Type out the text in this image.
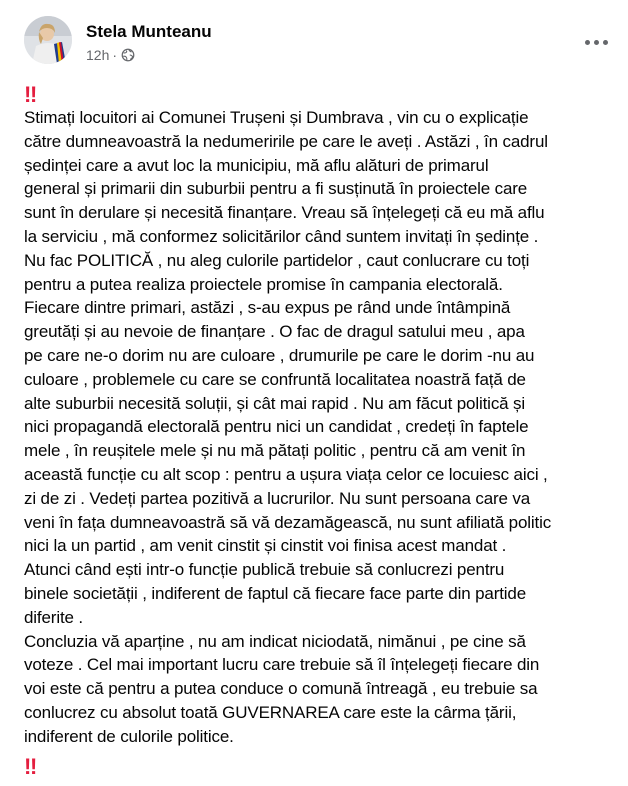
Stela Munteanu
12h ·
‼
Stimați locuitori ai Comunei Trușeni și Dumbrava , vin cu o explicație
către dumneavoastră la nedumeririle pe care le aveți . Astăzi , în cadrul
ședinței care a avut loc la municipiu, mă aflu alături de primarul
general și primarii din suburbii pentru a fi susținută în proiectele care
sunt în derulare și necesită finanțare. Vreau să înțelegeți că eu mă aflu
la serviciu , mă conformez solicitărilor când suntem invitați în ședințe .
Nu fac POLITICĂ , nu aleg culorile partidelor , caut conlucrare cu toți
pentru a putea realiza proiectele promise în campania electorală.
Fiecare dintre primari, astăzi , s-au expus pe rând unde întâmpină
greutăți și au nevoie de finanțare . O fac de dragul satului meu , apa
pe care ne-o dorim nu are culoare , drumurile pe care le dorim -nu au
culoare , problemele cu care se confruntă localitatea noastră față de
alte suburbii necesită soluții, și cât mai rapid . Nu am făcut politică și
nici propagandă electorală pentru nici un candidat , credeți în faptele
mele , în reușitele mele și nu mă pătați politic , pentru că am venit în
această funcție cu alt scop : pentru a ușura viața celor ce locuiesc aici ,
zi de zi . Vedeți partea pozitivă a lucrurilor. Nu sunt persoana care va
veni în fața dumneavoastră să vă dezamăgească, nu sunt afiliată politic
nici la un partid , am venit cinstit și cinstit voi finisa acest mandat .
Atunci când ești intr-o funcție publică trebuie să conlucrezi pentru
binele societății , indiferent de faptul că fiecare face parte din partide
diferite .
Concluzia vă aparține , nu am indicat niciodată, nimănui , pe cine să
voteze . Cel mai important lucru care trebuie să îl înțelegeți fiecare din
voi este că pentru a putea conduce o comună întreagă , eu trebuie sa
conlucrez cu absolut toată GUVERNAREA care este la cârma țării,
indiferent de culorile politice.
‼
